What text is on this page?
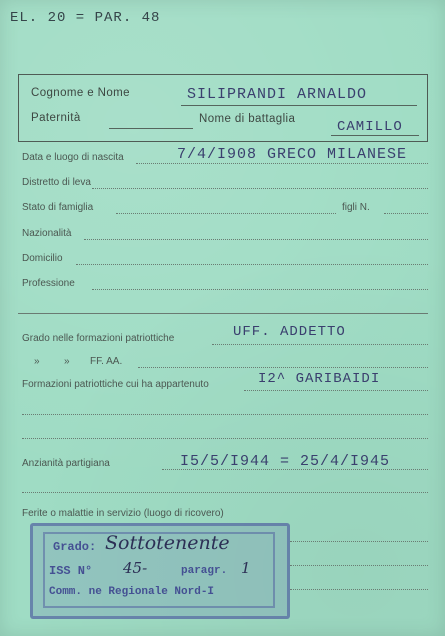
EL. 20 = PAR. 48
Cognome e Nome	SILIPRANDI ARNALDO
Paternità	Nome di battaglia	CAMILLO
Data e luogo di nascita	7/4/I908 GRECO MILANESE
Distretto di leva
Stato di famiglia	figli N.
Nazionalità
Domicilio
Professione
Grado nelle formazioni patriottiche	UFF. ADDETTO
» » FF. AA.
Formazioni patriottiche cui ha appartenuto	I2^ GARIBAIDI
Anzianità partigiana	I5/5/I944 = 25/4/I945
Ferite o malattie in servizio (luogo di ricovero)
Grado: Sottotenente
ISS N° 45-	paragr. 1
Comm. ne Regionale Nord-I
